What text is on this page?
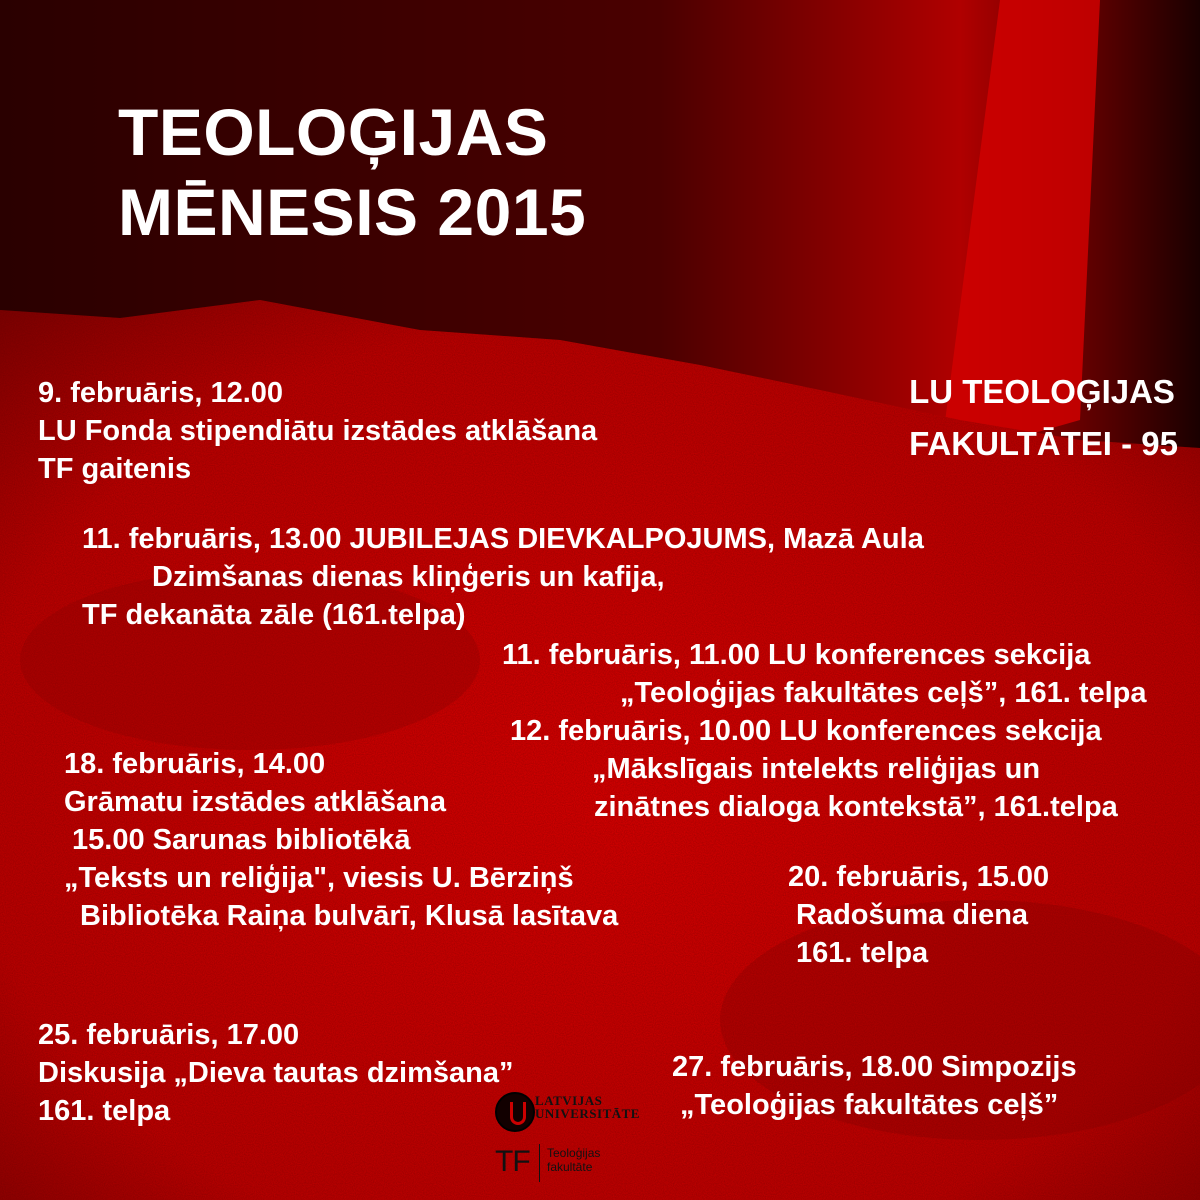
TEOLOĢIJAS
MĒNESIS 2015
LU TEOLOĢIJAS
FAKULTĀTEI - 95
9. februāris, 12.00
LU Fonda stipendiātu izstādes atklāšana
TF gaitenis
11. februāris, 13.00 JUBILEJAS DIEVKALPOJUMS, Mazā Aula
Dzimšanas dienas kliņģeris un kafija,
TF dekanāta zāle (161.telpa)
11. februāris, 11.00 LU konferences sekcija
„Teoloģijas fakultātes ceļš”, 161. telpa
12. februāris, 10.00 LU konferences sekcija
„Mākslīgais intelekts reliģijas un
zinātnes dialoga kontekstā”, 161.telpa
18. februāris, 14.00
Grāmatu izstādes atklāšana
15.00 Sarunas bibliotēkā
„Teksts un reliģija", viesis U. Bērziņš
Bibliotēka Raiņa bulvārī, Klusā lasītava
20. februāris, 15.00
Radošuma diena
161. telpa
25. februāris, 17.00
Diskusija „Dieva tautas dzimšana”
161. telpa
27. februāris, 18.00 Simpozijs
„Teoloģijas fakultātes ceļš”
LATVIJAS
UNIVERSITĀTE
TF Teoloģijas
fakultāte
